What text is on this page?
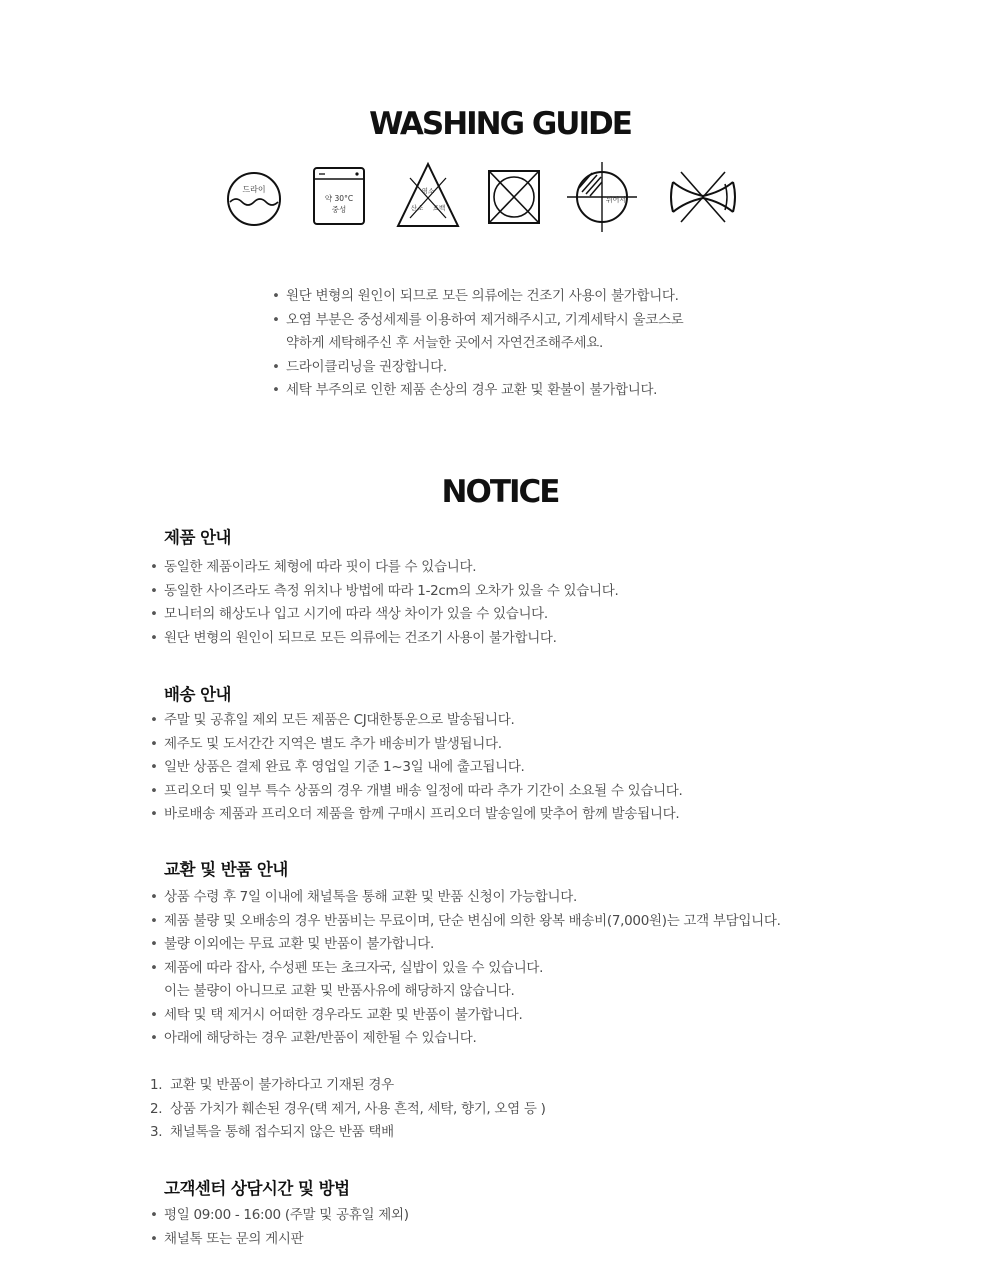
WASHING GUIDE
드라이
약 30°C
중성
염소
산소 표백
뉘어서
• 원단 변형의 원인이 되므로 모든 의류에는 건조기 사용이 불가합니다.
• 오염 부분은 중성세제를 이용하여 제거해주시고, 기계세탁시 울코스로
약하게 세탁해주신 후 서늘한 곳에서 자연건조해주세요.
• 드라이클리닝을 권장합니다.
• 세탁 부주의로 인한 제품 손상의 경우 교환 및 환불이 불가합니다.
NOTICE
제품 안내
• 동일한 제품이라도 체형에 따라 핏이 다를 수 있습니다.
• 동일한 사이즈라도 측정 위치나 방법에 따라 1-2cm의 오차가 있을 수 있습니다.
• 모니터의 해상도나 입고 시기에 따라 색상 차이가 있을 수 있습니다.
• 원단 변형의 원인이 되므로 모든 의류에는 건조기 사용이 불가합니다.
배송 안내
• 주말 및 공휴일 제외 모든 제품은 CJ대한통운으로 발송됩니다.
• 제주도 및 도서간간 지역은 별도 추가 배송비가 발생됩니다.
• 일반 상품은 결제 완료 후 영업일 기준 1~3일 내에 출고됩니다.
• 프리오더 및 일부 특수 상품의 경우 개별 배송 일정에 따라 추가 기간이 소요될 수 있습니다.
• 바로배송 제품과 프리오더 제품을 함께 구매시 프리오더 발송일에 맞추어 함께 발송됩니다.
교환 및 반품 안내
• 상품 수령 후 7일 이내에 채널톡을 통해 교환 및 반품 신청이 가능합니다.
• 제품 불량 및 오배송의 경우 반품비는 무료이며, 단순 변심에 의한 왕복 배송비(7,000원)는 고객 부담입니다.
• 불량 이외에는 무료 교환 및 반품이 불가합니다.
• 제품에 따라 잡사, 수성펜 또는 초크자국, 실밥이 있을 수 있습니다.
이는 불량이 아니므로 교환 및 반품사유에 해당하지 않습니다.
• 세탁 및 택 제거시 어떠한 경우라도 교환 및 반품이 불가합니다.
• 아래에 해당하는 경우 교환/반품이 제한될 수 있습니다.
1. 교환 및 반품이 불가하다고 기재된 경우
2. 상품 가치가 훼손된 경우(택 제거, 사용 흔적, 세탁, 향기, 오염 등 )
3. 채널톡을 통해 접수되지 않은 반품 택배
고객센터 상담시간 및 방법
• 평일 09:00 - 16:00 (주말 및 공휴일 제외)
• 채널톡 또는 문의 게시판
